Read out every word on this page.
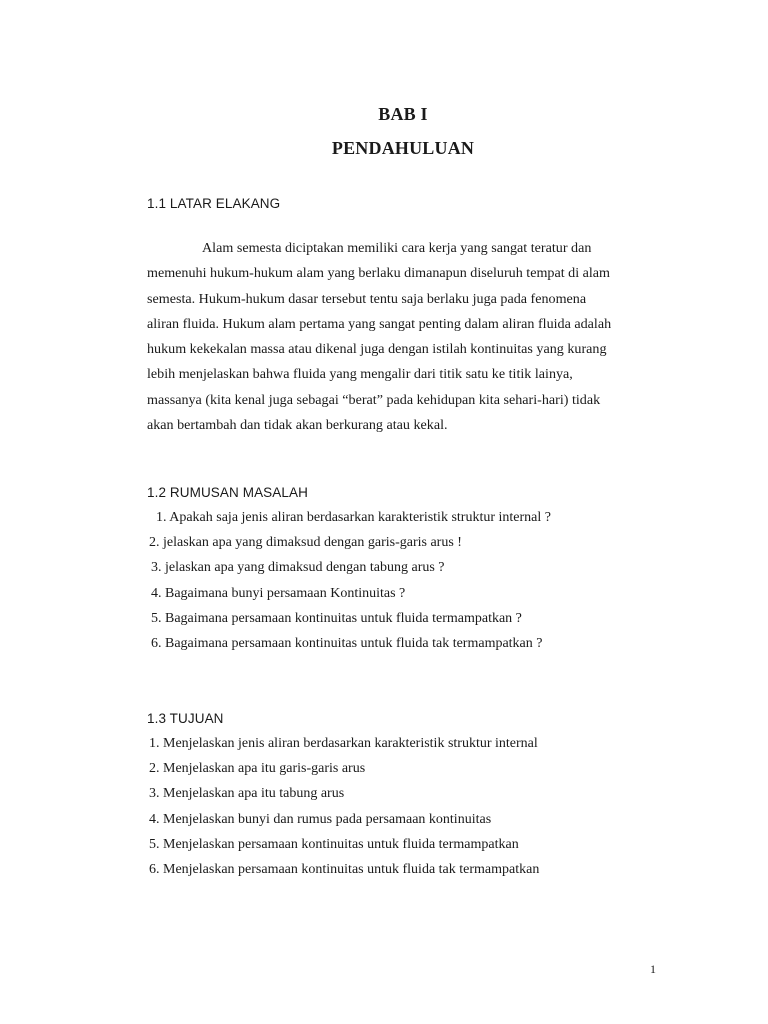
BAB I
PENDAHULUAN
1.1 LATAR ELAKANG
Alam semesta diciptakan memiliki cara kerja yang sangat teratur dan
memenuhi hukum-hukum alam yang berlaku dimanapun diseluruh tempat di alam
semesta. Hukum-hukum dasar tersebut tentu saja berlaku juga pada fenomena
aliran fluida. Hukum alam pertama yang sangat penting dalam aliran fluida adalah
hukum kekekalan massa atau dikenal juga dengan istilah kontinuitas yang kurang
lebih menjelaskan bahwa fluida yang mengalir dari titik satu ke titik lainya,
massanya (kita kenal juga sebagai “berat” pada kehidupan kita sehari-hari) tidak
akan bertambah dan tidak akan berkurang atau kekal.
1.2 RUMUSAN MASALAH
1. Apakah saja jenis aliran berdasarkan karakteristik struktur internal ?
2. jelaskan apa yang dimaksud dengan garis-garis arus !
3. jelaskan apa yang dimaksud dengan tabung arus ?
4. Bagaimana bunyi persamaan Kontinuitas ?
5. Bagaimana persamaan kontinuitas untuk fluida termampatkan ?
6. Bagaimana persamaan kontinuitas untuk fluida tak termampatkan ?
1.3 TUJUAN
1. Menjelaskan jenis aliran berdasarkan karakteristik struktur internal
2. Menjelaskan apa itu garis-garis arus
3. Menjelaskan apa itu tabung arus
4. Menjelaskan bunyi dan rumus pada persamaan kontinuitas
5. Menjelaskan persamaan kontinuitas untuk fluida termampatkan
6. Menjelaskan persamaan kontinuitas untuk fluida tak termampatkan
1
